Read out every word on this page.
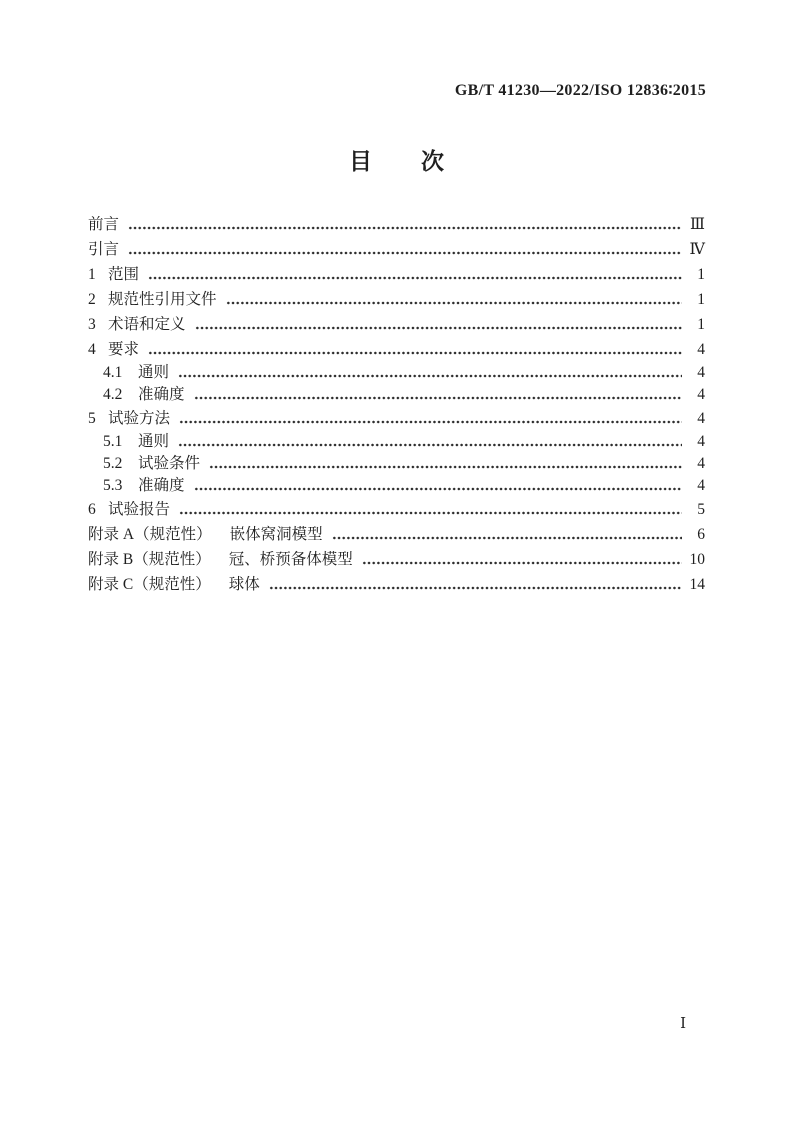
GB/T 41230—2022/ISO 12836∶2015
目　　次
前言	Ⅲ
引言	Ⅳ
1 范围	1
2 规范性引用文件	1
3 术语和定义	1
4 要求	4
4.1	通则	4
4.2	准确度	4
5 试验方法	4
5.1	通则	4
5.2	试验条件	4
5.3	准确度	4
6 试验报告	5
附录 A（规范性） 嵌体窝洞模型	6
附录 B（规范性） 冠、桥预备体模型	10
附录 C（规范性） 球体	14
Ⅰ
